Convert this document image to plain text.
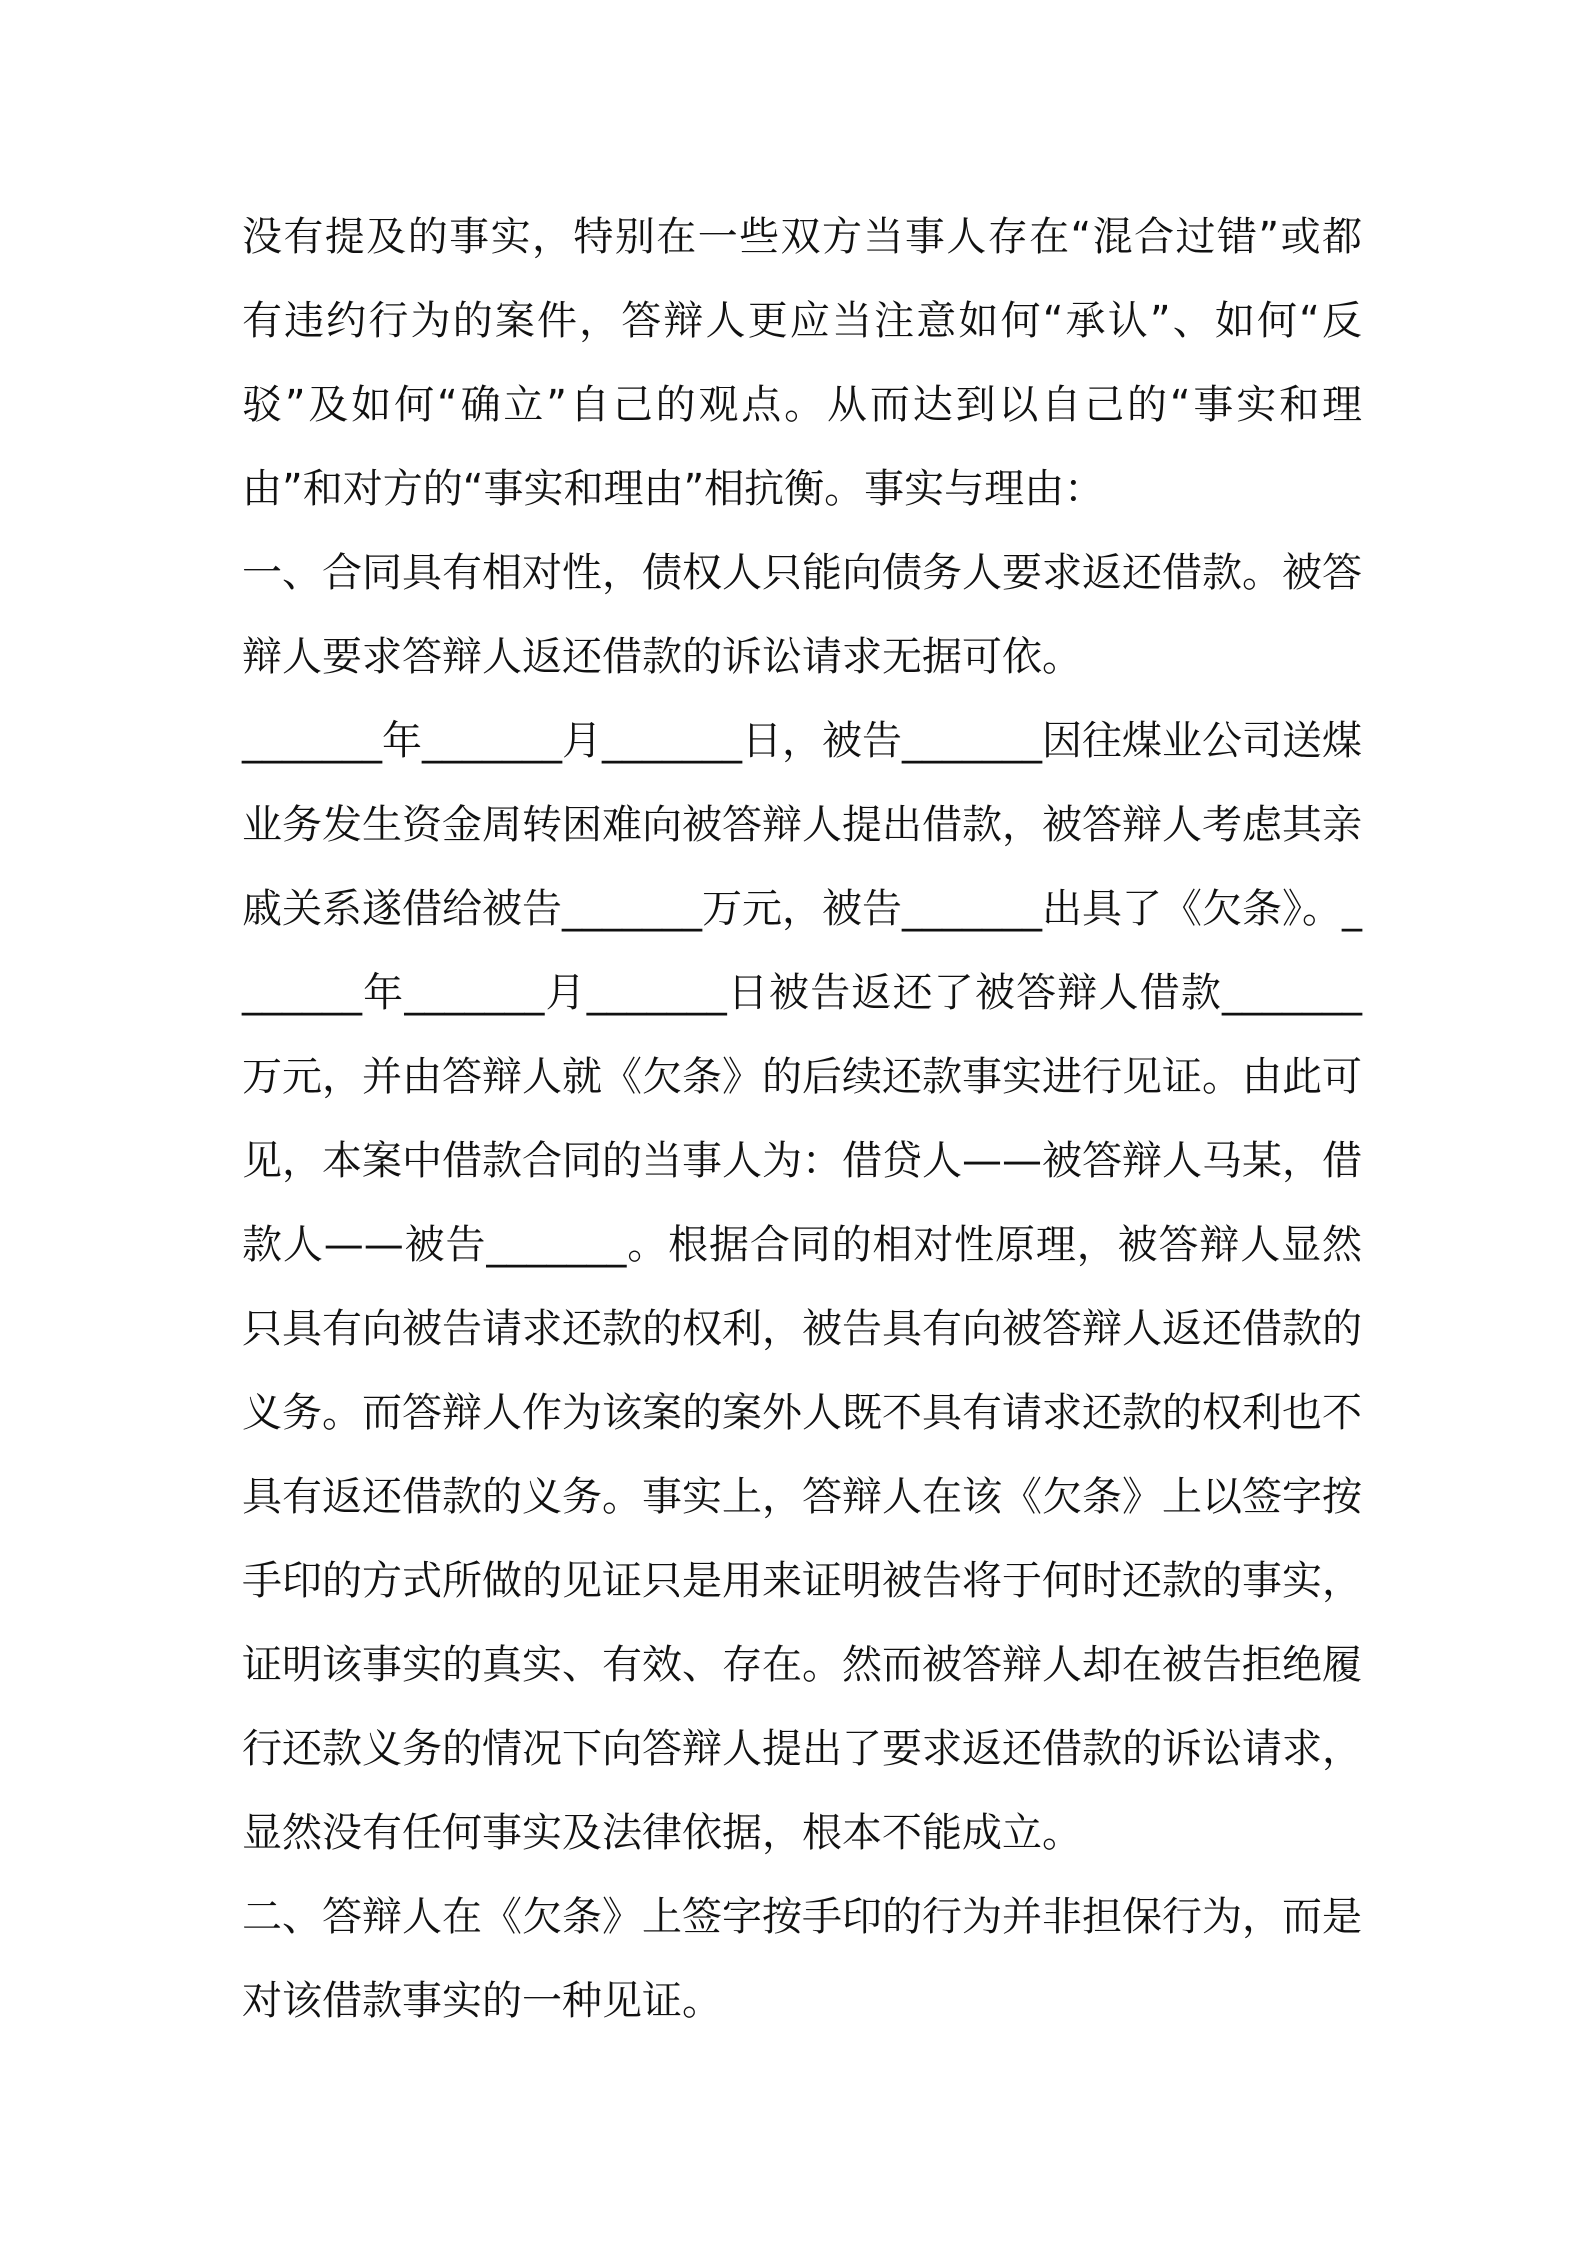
没有提及的事实，特别在一些双方当事人存在“混合过错”或都有违约行为的案件，答辩人更应当注意如何“承认”、如何“反驳”及如何“确立”自己的观点。从而达到以自己的“事实和理由”和对方的“事实和理由”相抗衡。事实与理由：

一、合同具有相对性，债权人只能向债务人要求返还借款。被答辩人要求答辩人返还借款的诉讼请求无据可依。

_______年_______月_______日，被告_______因往煤业公司送煤业务发生资金周转困难向被答辩人提出借款，被答辩人考虑其亲戚关系遂借给被告_______万元，被告_______出具了《欠条》。_______年_______月_______日被告返还了被答辩人借款_______万元，并由答辩人就《欠条》的后续还款事实进行见证。由此可见，本案中借款合同的当事人为：借贷人——被答辩人马某，借款人——被告_______。根据合同的相对性原理，被答辩人显然只具有向被告请求还款的权利，被告具有向被答辩人返还借款的义务。而答辩人作为该案的案外人既不具有请求还款的权利也不具有返还借款的义务。事实上，答辩人在该《欠条》上以签字按手印的方式所做的见证只是用来证明被告将于何时还款的事实，证明该事实的真实、有效、存在。然而被答辩人却在被告拒绝履行还款义务的情况下向答辩人提出了要求返还借款的诉讼请求，显然没有任何事实及法律依据，根本不能成立。

二、答辩人在《欠条》上签字按手印的行为并非担保行为，而是对该借款事实的一种见证。
